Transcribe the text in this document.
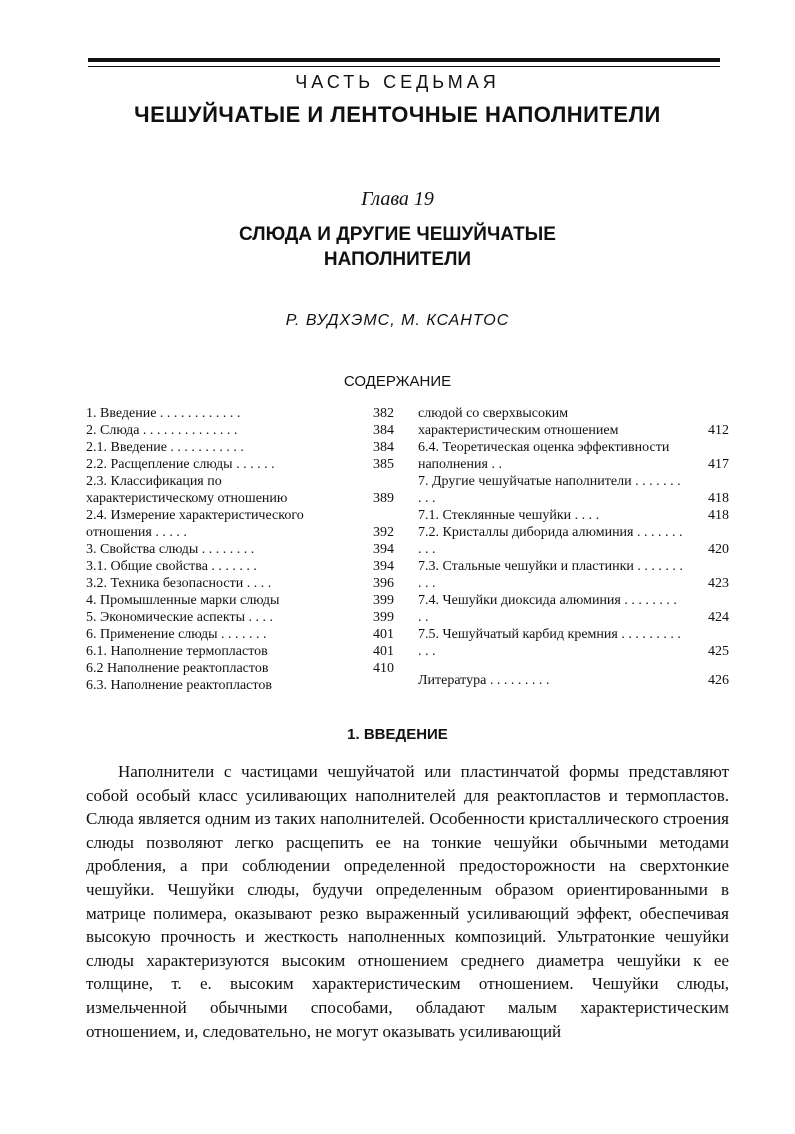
ЧАСТЬ СЕДЬМАЯ
ЧЕШУЙЧАТЫЕ И ЛЕНТОЧНЫЕ НАПОЛНИТЕЛИ
Глава 19
СЛЮДА И ДРУГИЕ ЧЕШУЙЧАТЫЕ
НАПОЛНИТЕЛИ
Р. ВУДХЭМС, М. КСАНТОС
СОДЕРЖАНИЕ
1. Введение . . . . . . . . . . . .	382
2. Слюда . . . . . . . . . . . . . .	384
2.1. Введение . . . . . . . . . . .	384
2.2. Расщепление слюды . . . . . .	385
2.3. Классификация по характеристическому отношению	389
2.4. Измерение характеристического отношения . . . . .	392
3. Свойства слюды . . . . . . . .	394
3.1. Общие свойства . . . . . . .	394
3.2. Техника безопасности . . . .	396
4. Промышленные марки слюды	399
5. Экономические аспекты . . . .	399
6. Применение слюды . . . . . . .	401
6.1. Наполнение термопластов	401
6.2 Наполнение реактопластов	410
6.3. Наполнение реактопластов
слюдой со сверхвысоким характеристическим отношением	412
6.4. Теоретическая оценка эффективности наполнения . .	417
7. Другие чешуйчатые наполнители . . . . . . . . . .	418
7.1. Стеклянные чешуйки . . . .	418
7.2. Кристаллы диборида алюминия . . . . . . . . . .	420
7.3. Стальные чешуйки и пластинки . . . . . . . . . .	423
7.4. Чешуйки диоксида алюминия . . . . . . . . . .	424
7.5. Чешуйчатый карбид кремния . . . . . . . . . . . .	425
Литература . . . . . . . . .	426
1. ВВЕДЕНИЕ

Наполнители с частицами чешуйчатой или пластинчатой формы представляют собой особый класс усиливающих наполнителей для реактопластов и термопластов. Слюда является одним из таких наполнителей. Особенности кристаллического строения слюды позволяют легко расщепить ее на тонкие чешуйки обычными методами дробления, а при соблюдении определенной предосторожности на сверхтонкие чешуйки. Чешуйки слюды, будучи определенным образом ориентированными в матрице полимера, оказывают резко выраженный усиливающий эффект, обеспечивая высокую прочность и жесткость наполненных композиций. Ультратонкие чешуйки слюды характеризуются высоким отношением среднего диаметра чешуйки к ее толщине, т. е. высоким характеристическим отношением. Чешуйки слюды, измельченной обычными способами, обладают малым характеристическим отношением, и, следовательно, не могут оказывать усиливающий
